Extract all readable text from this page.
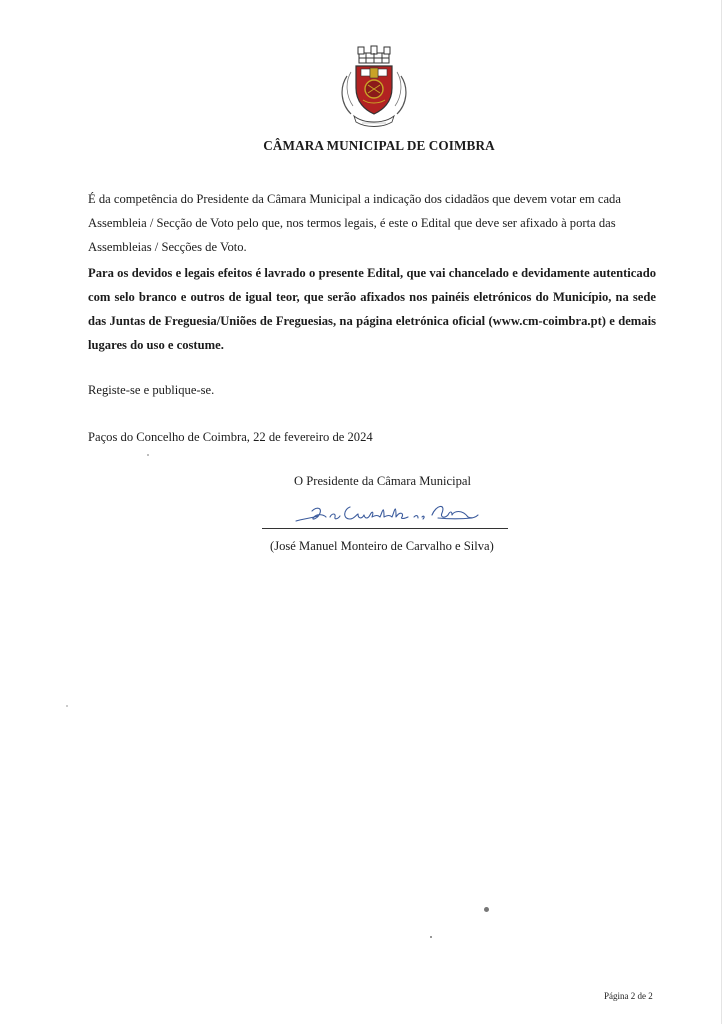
CÂMARA MUNICIPAL DE COIMBRA
É da competência do Presidente da Câmara Municipal a indicação dos cidadãos que devem votar em cada Assembleia / Secção de Voto pelo que, nos termos legais, é este o Edital que deve ser afixado à porta das Assembleias / Secções de Voto.
Para os devidos e legais efeitos é lavrado o presente Edital, que vai chancelado e devidamente autenticado com selo branco e outros de igual teor, que serão afixados nos painéis eletrónicos do Município, na sede das Juntas de Freguesia/Uniões de Freguesias, na página eletrónica oficial (www.cm-coimbra.pt) e demais lugares do uso e costume.
Registe-se e publique-se.
Paços do Concelho de Coimbra, 22 de fevereiro de 2024
O Presidente da Câmara Municipal
(José Manuel Monteiro de Carvalho e Silva)
Página 2 de 2
